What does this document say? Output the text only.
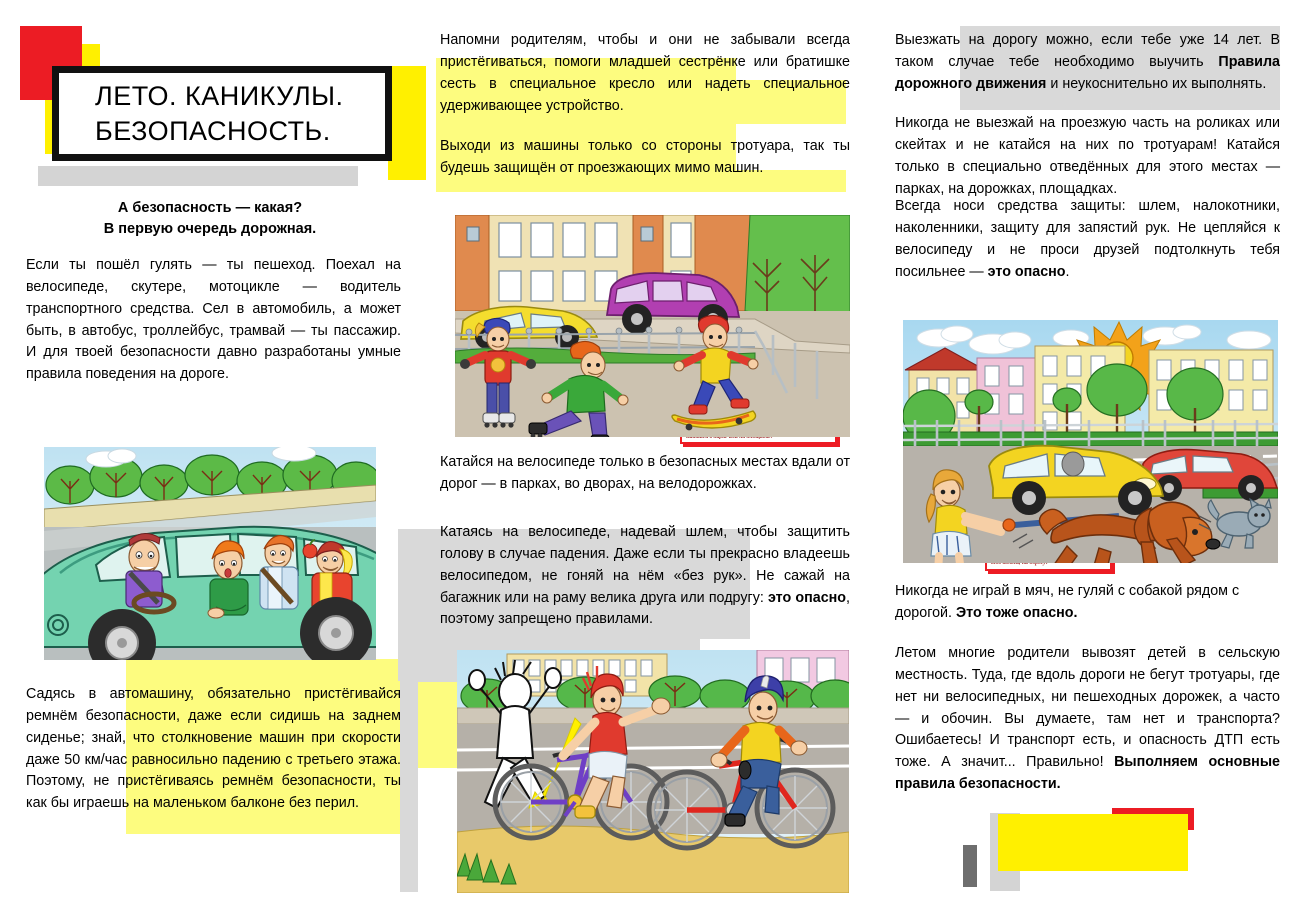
ЛЕТО. КАНИКУЛЫ.
БЕЗОПАСНОСТЬ.
А безопасность — какая?
В первую очередь дорожная.

Если ты пошёл гулять — ты пешеход. Поехал на велосипеде, скутере, мотоцикле — водитель транспортного средства. Сел в автомобиль, а может быть, в автобус, троллейбус, трамвай — ты пассажир. И для твоей безопасности давно разработаны умные правила поведения на дороге.

Садясь в автомашину, обязательно пристёгивайся ремнём безопасности, даже если сидишь на заднем сиденье; знай, что столкновение машин при скорости даже 50 км/час равносильно падению с третьего этажа. Поэтому, не пристёгиваясь ремнём безопасности, ты как бы играешь на маленьком балконе без перил.

Напомни родителям, чтобы и они не забывали всегда пристёгиваться, помоги младшей сестрёнке или братишке сесть в специальное кресло или надеть специальное удерживающее устройство.

Выходи из машины только со стороны тротуара, так ты будешь защищён от проезжающих мимо машин.

Катайся на велосипеде только в безопасных местах вдали от дорог — в парках, во дворах, на велодорожках.

Катаясь на велосипеде, надевай шлем, чтобы защитить голову в случае падения. Даже если ты прекрасно владеешь велосипедом, не гоняй на нём «без рук». Не сажай на багажник или на раму велика друга или подругу: это опасно, поэтому запрещено правилами.

Выезжать на дорогу можно, если тебе уже 14 лет. В таком случае тебе необходимо выучить Правила дорожного движения и неукоснительно их выполнять.

Никогда не выезжай на проезжую часть на роликах или скейтах и не катайся на них по тротуарам! Катайся только в специально отведённых для этого местах — парках, на дорожках, площадках.

Всегда носи средства защиты: шлем, налокотники, наколенники, защиту для запястий рук. Не цепляйся к велосипеду и не проси друзей подтолкнуть тебя посильнее — это опасно.

Никогда не играй в мяч, не гуляй с собакой рядом с дорогой. Это тоже опасно.

Летом многие родители вывозят детей в сельскую местность. Туда, где вдоль дороги не бегут тротуары, где нет ни велосипедных, ни пешеходных дорожек, а часто — и обочин. Вы думаете, там нет и транспорта? Ошибаетесь! И транспорт есть, и опасность ДТП есть тоже. А значит... Правильно! Выполняем основные правила безопасности.
